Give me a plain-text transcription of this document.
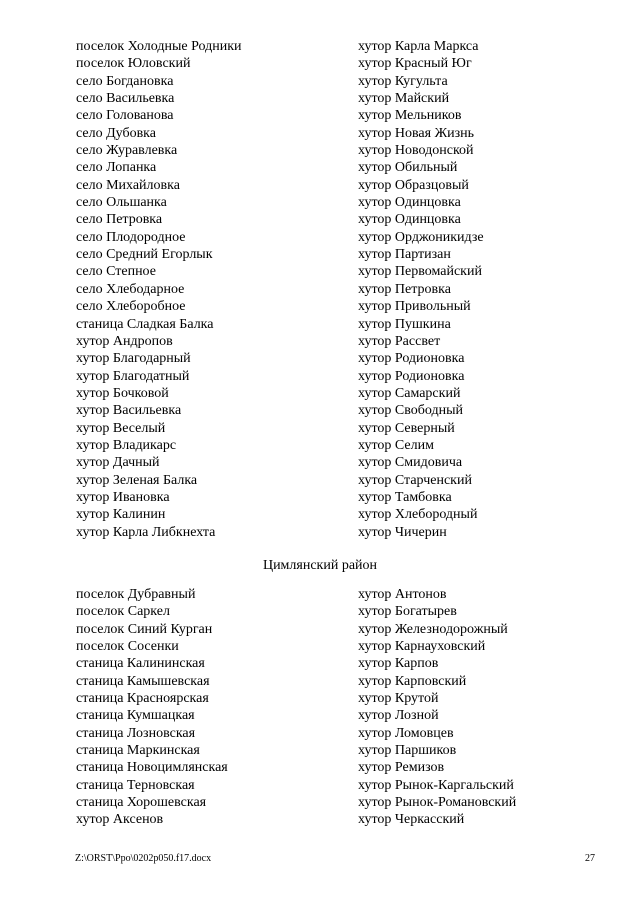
поселок Холодные Родники
поселок Юловский
село Богдановка
село Васильевка
село Голованова
село Дубовка
село Журавлевка
село Лопанка
село Михайловка
село Ольшанка
село Петровка
село Плодородное
село Средний Егорлык
село Степное
село Хлебодарное
село Хлеборобное
станица Сладкая Балка
хутор Андропов
хутор Благодарный
хутор Благодатный
хутор Бочковой
хутор Васильевка
хутор Веселый
хутор Владикарс
хутор Дачный
хутор Зеленая Балка
хутор Ивановка
хутор Калинин
хутор Карла Либкнехта
хутор Карла Маркса
хутор Красный Юг
хутор Кугульта
хутор Майский
хутор Мельников
хутор Новая Жизнь
хутор Новодонской
хутор Обильный
хутор Образцовый
хутор Одинцовка
хутор Одинцовка
хутор Орджоникидзе
хутор Партизан
хутор Первомайский
хутор Петровка
хутор Привольный
хутор Пушкина
хутор Рассвет
хутор Родионовка
хутор Родионовка
хутор Самарский
хутор Свободный
хутор Северный
хутор Селим
хутор Смидовича
хутор Старченский
хутор Тамбовка
хутор Хлебородный
хутор Чичерин
Цимлянский район
поселок Дубравный
поселок Саркел
поселок Синий Курган
поселок Сосенки
станица Калининская
станица Камышевская
станица Красноярская
станица Кумшацкая
станица Лозновская
станица Маркинская
станица Новоцимлянская
станица Терновская
станица Хорошевская
хутор Аксенов
хутор Антонов
хутор Богатырев
хутор Железнодорожный
хутор Карнауховский
хутор Карпов
хутор Карповский
хутор Крутой
хутор Лозной
хутор Ломовцев
хутор Паршиков
хутор Ремизов
хутор Рынок-Каргальский
хутор Рынок-Романовский
хутор Черкасский
Z:\ORST\Ppo\0202p050.f17.docx	27
